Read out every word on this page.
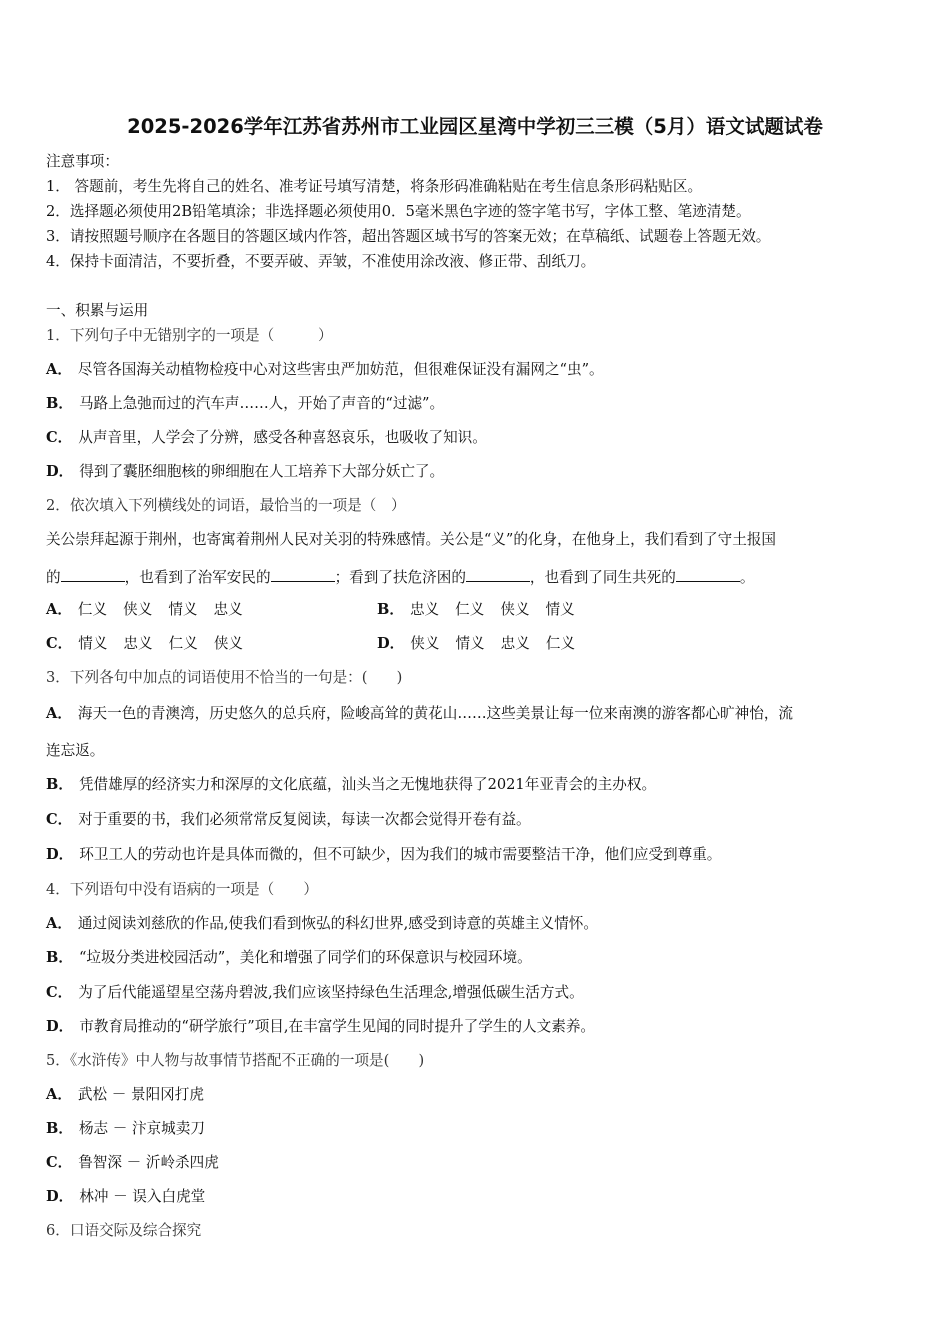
2025-2026学年江苏省苏州市工业园区星湾中学初三三模（5月）语文试题试卷
注意事项：
1． 答题前，考生先将自己的姓名、准考证号填写清楚，将条形码准确粘贴在考生信息条形码粘贴区。
2．选择题必须使用2B铅笔填涂；非选择题必须使用0．5毫米黑色字迹的签字笔书写，字体工整、笔迹清楚。
3．请按照题号顺序在各题目的答题区域内作答，超出答题区域书写的答案无效；在草稿纸、试题卷上答题无效。
4．保持卡面清洁，不要折叠，不要弄破、弄皱，不准使用涂改液、修正带、刮纸刀。
一、积累与运用
1．下列句子中无错别字的一项是（　　　）
A． 尽管各国海关动植物检疫中心对这些害虫严加妨范，但很难保证没有漏网之“虫”。
B． 马路上急弛而过的汽车声……人，开始了声音的“过滤”。
C． 从声音里，人学会了分辨，感受各种喜怒哀乐，也吸收了知识。
D． 得到了囊胚细胞核的卵细胞在人工培养下大部分妖亡了。
2．依次填入下列横线处的词语，最恰当的一项是（　）
关公崇拜起源于荆州，也寄寓着荆州人民对关羽的特殊感情。关公是“义”的化身，在他身上，我们看到了守土报国
的	，也看到了治军安民的	；看到了扶危济困的	，也看到了同生共死的	。
A． 仁义 侠义 情义 忠义	B． 忠义 仁义 侠义 情义
C． 情义 忠义 仁义 侠义	D． 侠义 情义 忠义 仁义
3．下列各句中加点的词语使用不恰当的一句是：(　　)
A． 海天一色的青澳湾，历史悠久的总兵府，险峻高耸的黄花山……这些美景让每一位来南澳的游客都心旷神怡，流
连忘返。
B． 凭借雄厚的经济实力和深厚的文化底蕴，汕头当之无愧地获得了2021年亚青会的主办权。
C． 对于重要的书，我们必须常常反复阅读，每读一次都会觉得开卷有益。
D． 环卫工人的劳动也许是具体而微的，但不可缺少，因为我们的城市需要整洁干净，他们应受到尊重。
4．下列语句中没有语病的一项是（　　）
A． 通过阅读刘慈欣的作品,使我们看到恢弘的科幻世界,感受到诗意的英雄主义情怀。
B． “垃圾分类进校园活动”，美化和增强了同学们的环保意识与校园环境。
C． 为了后代能遥望星空荡舟碧波,我们应该坚持绿色生活理念,增强低碳生活方式。
D． 市教育局推动的“研学旅行”项目,在丰富学生见闻的同时提升了学生的人文素养。
5．《水浒传》中人物与故事情节搭配不正确的一项是(　　)
A． 武松 － 景阳冈打虎
B． 杨志 － 汴京城卖刀
C． 鲁智深 － 沂岭杀四虎
D． 林冲 － 误入白虎堂
6．口语交际及综合探究
